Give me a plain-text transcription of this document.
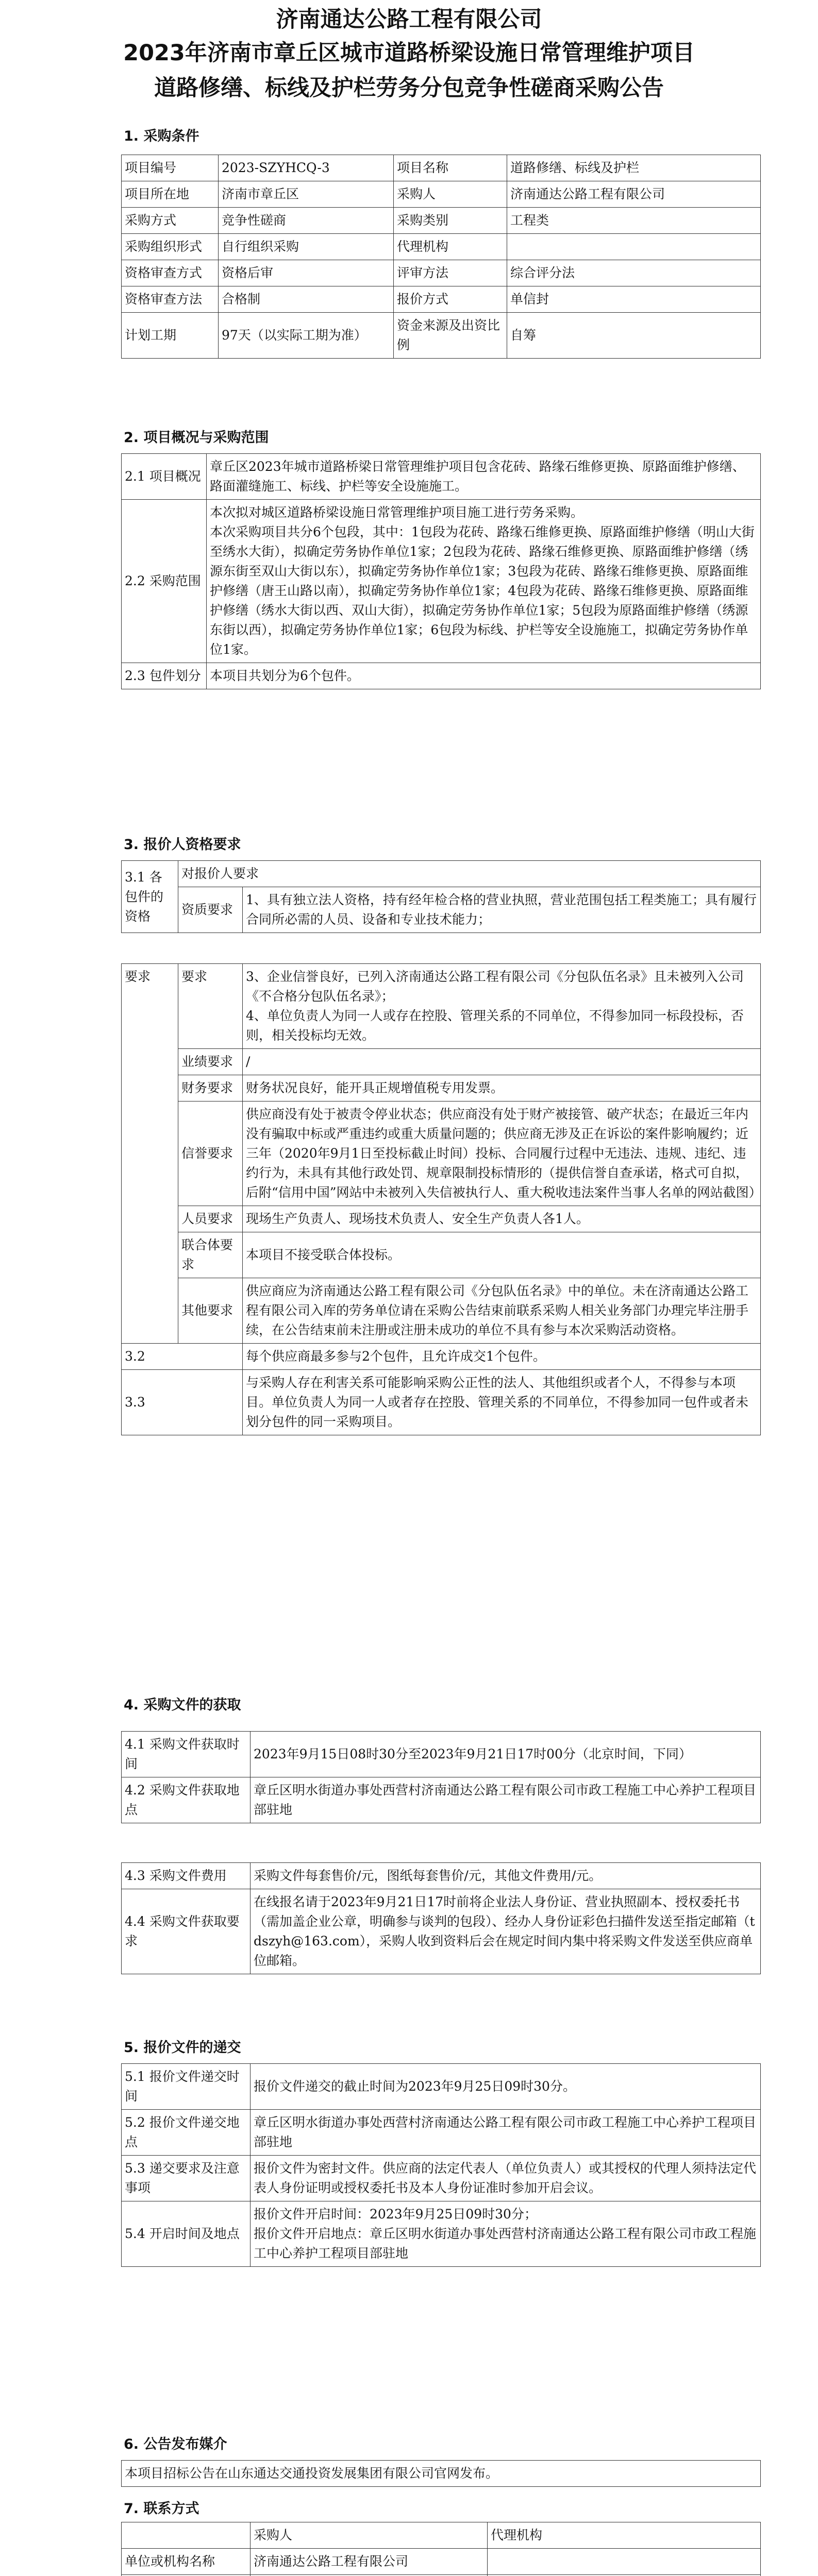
济南通达公路工程有限公司

2023年济南市章丘区城市道路桥梁设施日常管理维护项目

道路修缮、标线及护栏劳务分包竞争性磋商采购公告

1. 采购条件

项目编号	2023-SZYHCQ-3	项目名称	道路修缮、标线及护栏
项目所在地	济南市章丘区	采购人	济南通达公路工程有限公司
采购方式	竞争性磋商	采购类别	工程类
采购组织形式	自行组织采购	代理机构	
资格审查方式	资格后审	评审方法	综合评分法
资格审查方法	合格制	报价方式	单信封
计划工期	97天（以实际工期为准）	资金来源及出资比例	自筹

2. 项目概况与采购范围

2.1 项目概况	章丘区2023年城市道路桥梁日常管理维护项目包含花砖、路缘石维修更换、原路面维护修缮、路面灌缝施工、标线、护栏等安全设施施工。
2.2 采购范围	本次拟对城区道路桥梁设施日常管理维护项目施工进行劳务采购。
本次采购项目共分6个包段，其中：1包段为花砖、路缘石维修更换、原路面维护修缮（明山大街至绣水大街），拟确定劳务协作单位1家；2包段为花砖、路缘石维修更换、原路面维护修缮（绣源东街至双山大街以东），拟确定劳务协作单位1家；3包段为花砖、路缘石维修更换、原路面维护修缮（唐王山路以南），拟确定劳务协作单位1家；4包段为花砖、路缘石维修更换、原路面维护修缮（绣水大街以西、双山大街），拟确定劳务协作单位1家；5包段为原路面维护修缮（绣源东街以西），拟确定劳务协作单位1家；6包段为标线、护栏等安全设施施工，拟确定劳务协作单位1家。

2.3 包件划分	本项目共划分为6个包件。

3. 报价人资格要求

3.1 各包件的资格	对报价人要求	
	资质要求	1、具有独立法人资格，持有经年检合格的营业执照，营业范围包括工程类施工；具有履行合同所必需的人员、设备和专业技术能力；
要求	要求	3、企业信誉良好，已列入济南通达公路工程有限公司《分包队伍名录》且未被列入公司《不合格分包队伍名录》；
4、单位负责人为同一人或存在控股、管理关系的不同单位，不得参加同一标段投标，否则，相关投标均无效。
	业绩要求	/
	财务要求	财务状况良好，能开具正规增值税专用发票。
	信誉要求	供应商没有处于被责令停业状态；供应商没有处于财产被接管、破产状态；在最近三年内没有骗取中标或严重违约或重大质量问题的；供应商无涉及正在诉讼的案件影响履约；近三年（2020年9月1日至投标截止时间）投标、合同履行过程中无违法、违规、违纪、违约行为，未具有其他行政处罚、规章限制投标情形的（提供信誉自查承诺，格式可自拟，后附“信用中国”网站中未被列入失信被执行人、重大税收违法案件当事人名单的网站截图）
	人员要求	现场生产负责人、现场技术负责人、安全生产负责人各1人。
	联合体要求	本项目不接受联合体投标。
	其他要求	供应商应为济南通达公路工程有限公司《分包队伍名录》中的单位。未在济南通达公路工程有限公司入库的劳务单位请在采购公告结束前联系采购人相关业务部门办理完毕注册手续，在公告结束前未注册或注册未成功的单位不具有参与本次采购活动资格。
3.2		每个供应商最多参与2个包件，且允许成交1个包件。
3.3		与采购人存在利害关系可能影响采购公正性的法人、其他组织或者个人，不得参与本项目。单位负责人为同一人或者存在控股、管理关系的不同单位，不得参加同一包件或者未划分包件的同一采购项目。

4. 采购文件的获取

4.1 采购文件获取时间	2023年9月15日08时30分至2023年9月21日17时00分（北京时间，下同）
4.2 采购文件获取地点	章丘区明水街道办事处西营村济南通达公路工程有限公司市政工程施工中心养护工程项目部驻地
4.3 采购文件费用	采购文件每套售价/元，图纸每套售价/元，其他文件费用/元。
4.4 采购文件获取要求	在线报名请于2023年9月21日17时前将企业法人身份证、营业执照副本、授权委托书（需加盖企业公章，明确参与谈判的包段）、经办人身份证彩色扫描件发送至指定邮箱（tdszyh@163.com），采购人收到资料后会在规定时间内集中将采购文件发送至供应商单位邮箱。

5. 报价文件的递交

5.1 报价文件递交时间	报价文件递交的截止时间为2023年9月25日09时30分。
5.2 报价文件递交地点	章丘区明水街道办事处西营村济南通达公路工程有限公司市政工程施工中心养护工程项目部驻地
5.3 递交要求及注意事项	报价文件为密封文件。供应商的法定代表人（单位负责人）或其授权的代理人须持法定代表人身份证明或授权委托书及本人身份证准时参加开启会议。
5.4 开启时间及地点	报价文件开启时间：2023年9月25日09时30分；
报价文件开启地点：章丘区明水街道办事处西营村济南通达公路工程有限公司市政工程施工中心养护工程项目部驻地

6. 公告发布媒介

本项目招标公告在山东通达交通投资发展集团有限公司官网发布。

7. 联系方式

	采购人	代理机构
单位或机构名称	济南通达公路工程有限公司	
